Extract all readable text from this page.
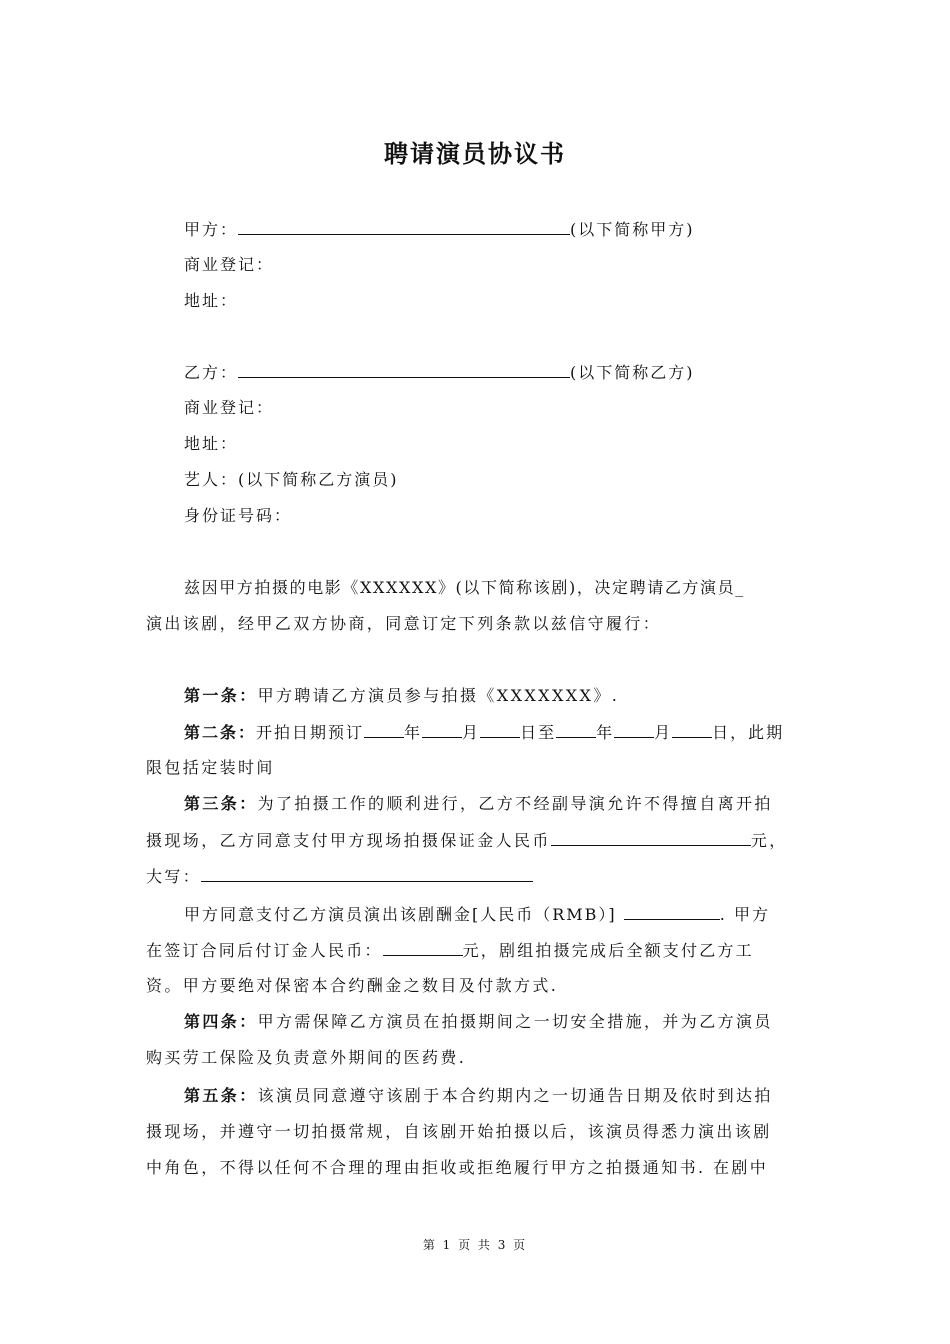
聘请演员协议书
甲方：	(以下简称甲方)
商业登记：
地址：
乙方：	(以下简称乙方)
商业登记：
地址：
艺人：(以下简称乙方演员)
身份证号码：
兹因甲方拍摄的电影《XXXXXX》(以下简称该剧)，决定聘请乙方演员_
演出该剧，经甲乙双方协商，同意订定下列条款以兹信守履行：
第一条：甲方聘请乙方演员参与拍摄《XXXXXXX》.
第二条：开拍日期预订	年	月	日至	年	月	日，此期
限包括定装时间
第三条：为了拍摄工作的顺利进行，乙方不经副导演允许不得擅自离开拍
摄现场，乙方同意支付甲方现场拍摄保证金人民币	元，
大写：
甲方同意支付乙方演员演出该剧酬金[人民币（RMB）]	. 甲方
在签订合同后付订金人民币：	元，剧组拍摄完成后全额支付乙方工
资。甲方要绝对保密本合约酬金之数目及付款方式.
第四条：甲方需保障乙方演员在拍摄期间之一切安全措施，并为乙方演员
购买劳工保险及负责意外期间的医药费.
第五条：该演员同意遵守该剧于本合约期内之一切通告日期及依时到达拍
摄现场，并遵守一切拍摄常规，自该剧开始拍摄以后，该演员得悉力演出该剧
中角色，不得以任何不合理的理由拒收或拒绝履行甲方之拍摄通知书. 在剧中
第 1 页 共 3 页
